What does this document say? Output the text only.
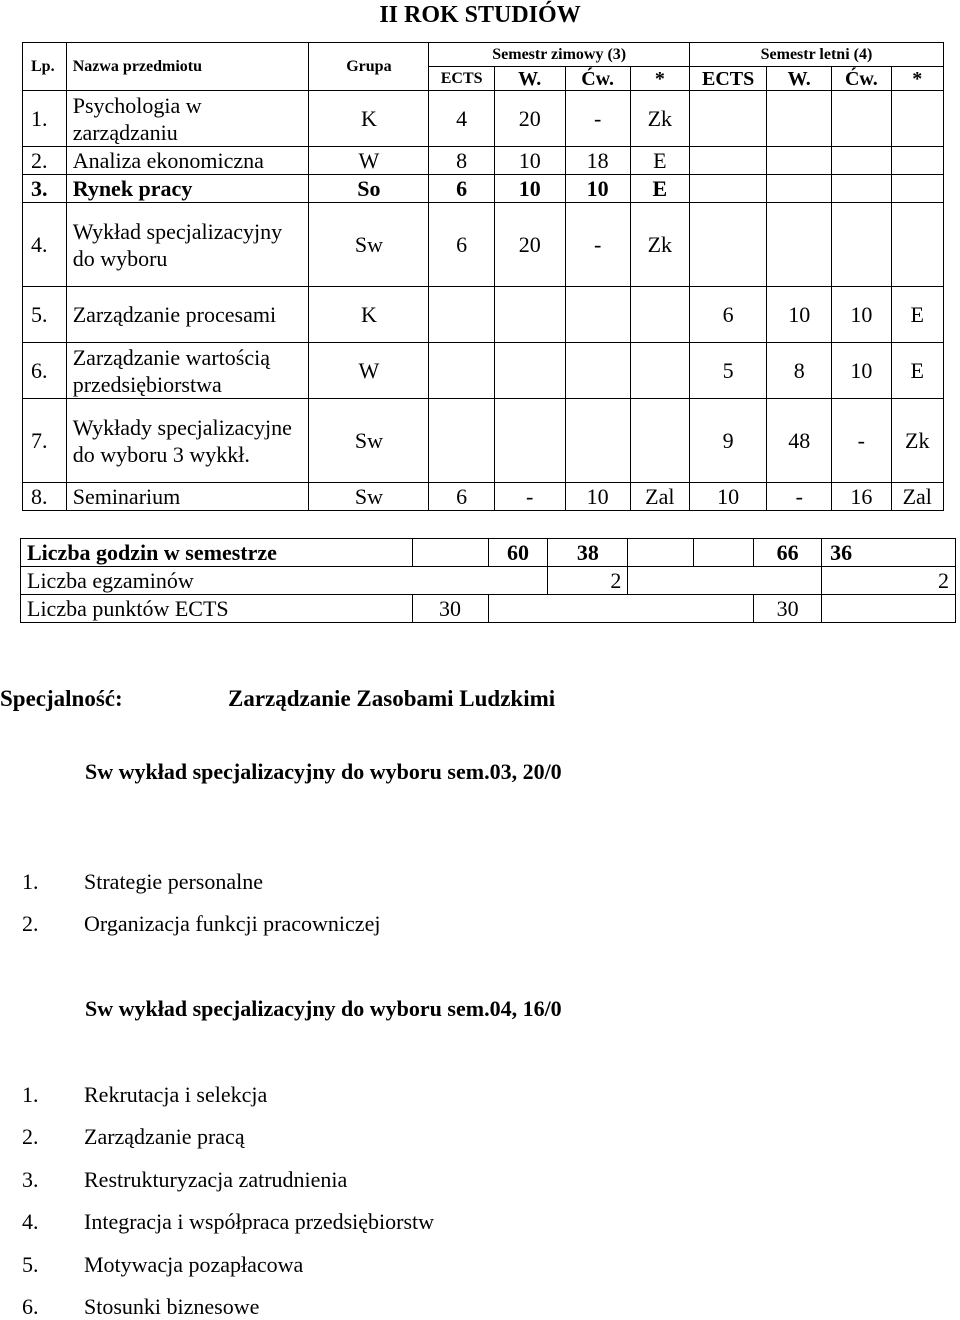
II ROK STUDIÓW
Lp.	Nazwa przedmiotu	Grupa	Semestr zimowy (3)				Semestr letni (4)			
			ECTS	W.	Ćw.	*	ECTS	W.	Ćw.	*
1.	Psychologia w zarządzaniu	K	4	20	-	Zk				
2.	Analiza ekonomiczna	W	8	10	18	E				
3.	Rynek pracy	So	6	10	10	E				
4.	Wykład specjalizacyjny do wyboru	Sw	6	20	-	Zk				
5.	Zarządzanie procesami	K					6	10	10	E
6.	Zarządzanie wartością przedsiębiorstwa	W					5	8	10	E
7.	Wykłady specjalizacyjne do wyboru 3 wykkł.	Sw					9	48	-	Zk
8.	Seminarium	Sw	6	-	10	Zal	10	-	16	Zal
Liczba godzin w semestrze		60	38			66	36
Liczba egzaminów			2				2
Liczba punktów ECTS	30					30	
Specjalność:	Zarządzanie Zasobami Ludzkimi
Sw wykład specjalizacyjny do wyboru sem.03, 20/0
1. Strategie personalne
2. Organizacja funkcji pracowniczej
Sw wykład specjalizacyjny do wyboru sem.04, 16/0
1. Rekrutacja i selekcja
2. Zarządzanie pracą
3. Restrukturyzacja zatrudnienia
4. Integracja i współpraca przedsiębiorstw
5. Motywacja pozapłacowa
6. Stosunki biznesowe
